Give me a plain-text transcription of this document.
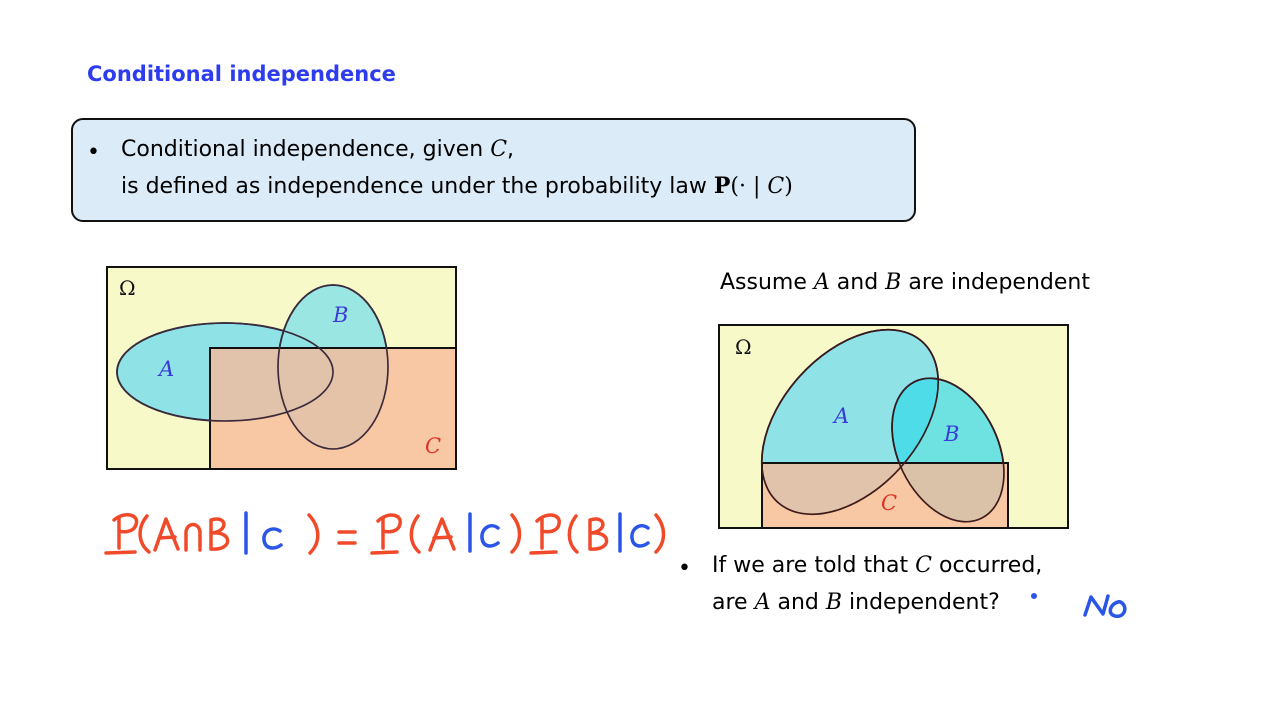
Conditional independence
• Conditional independence, given C,
is defined as independence under the probability law P(· | C)
Ω
A
B
C
Ω
A
B
C
Assume A and B are independent
• If we are told that C occurred,
are A and B independent?
